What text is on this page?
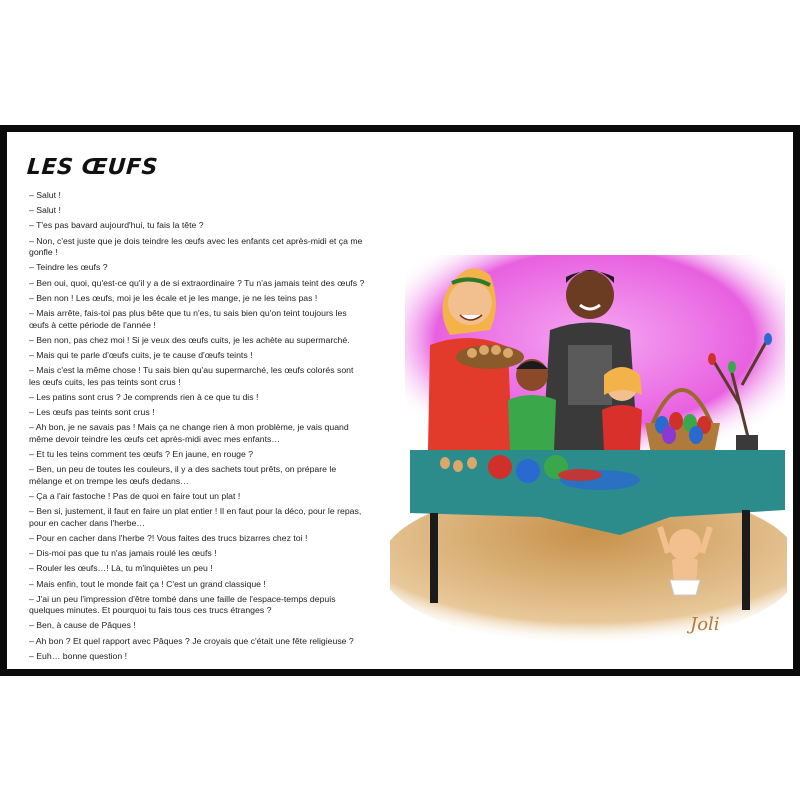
LES ŒUFS
– Salut !
– Salut !
– T'es pas bavard aujourd'hui, tu fais la tête ?
– Non, c'est juste que je dois teindre les œufs avec les enfants cet après-midi et ça me gonfle !
– Teindre les œufs ?
– Ben oui, quoi, qu'est-ce qu'il y a de si extraordinaire ? Tu n'as jamais teint des œufs ?
– Ben non ! Les œufs, moi je les écale et je les mange, je ne les teins pas !
– Mais arrête, fais-toi pas plus bête que tu n'es, tu sais bien qu'on teint toujours les œufs à cette période de l'année !
– Ben non, pas chez moi ! Si je veux des œufs cuits, je les achète au supermarché.
– Mais qui te parle d'œufs cuits, je te cause d'œufs teints !
– Mais c'est la même chose ! Tu sais bien qu'au supermarché, les œufs colorés sont les œufs cuits, les pas teints sont crus !
– Les patins sont crus ? Je comprends rien à ce que tu dis !
– Les œufs pas teints sont crus !
– Ah bon, je ne savais pas ! Mais ça ne change rien à mon problème, je vais quand même devoir teindre les œufs cet après-midi avec mes enfants…
– Et tu les teins comment tes œufs ? En jaune, en rouge ?
– Ben, un peu de toutes les couleurs, il y a des sachets tout prêts, on prépare le mélange et on trempe les œufs dedans…
– Ça a l'air fastoche ! Pas de quoi en faire tout un plat !
– Ben si, justement, il faut en faire un plat entier ! Il en faut pour la déco, pour le repas, pour en cacher dans l'herbe…
– Pour en cacher dans l'herbe ?! Vous faites des trucs bizarres chez toi !
– Dis-moi pas que tu n'as jamais roulé les œufs !
– Rouler les œufs…! Là, tu m'inquiètes un peu !
– Mais enfin, tout le monde fait ça ! C'est un grand classique !
– J'ai un peu l'impression d'être tombé dans une faille de l'espace-temps depuis quelques minutes. Et pourquoi tu fais tous ces trucs étranges ?
– Ben, à cause de Pâques !
– Ah bon ? Et quel rapport avec Pâques ? Je croyais que c'était une fête religieuse ?
– Euh… bonne question !
Joli
